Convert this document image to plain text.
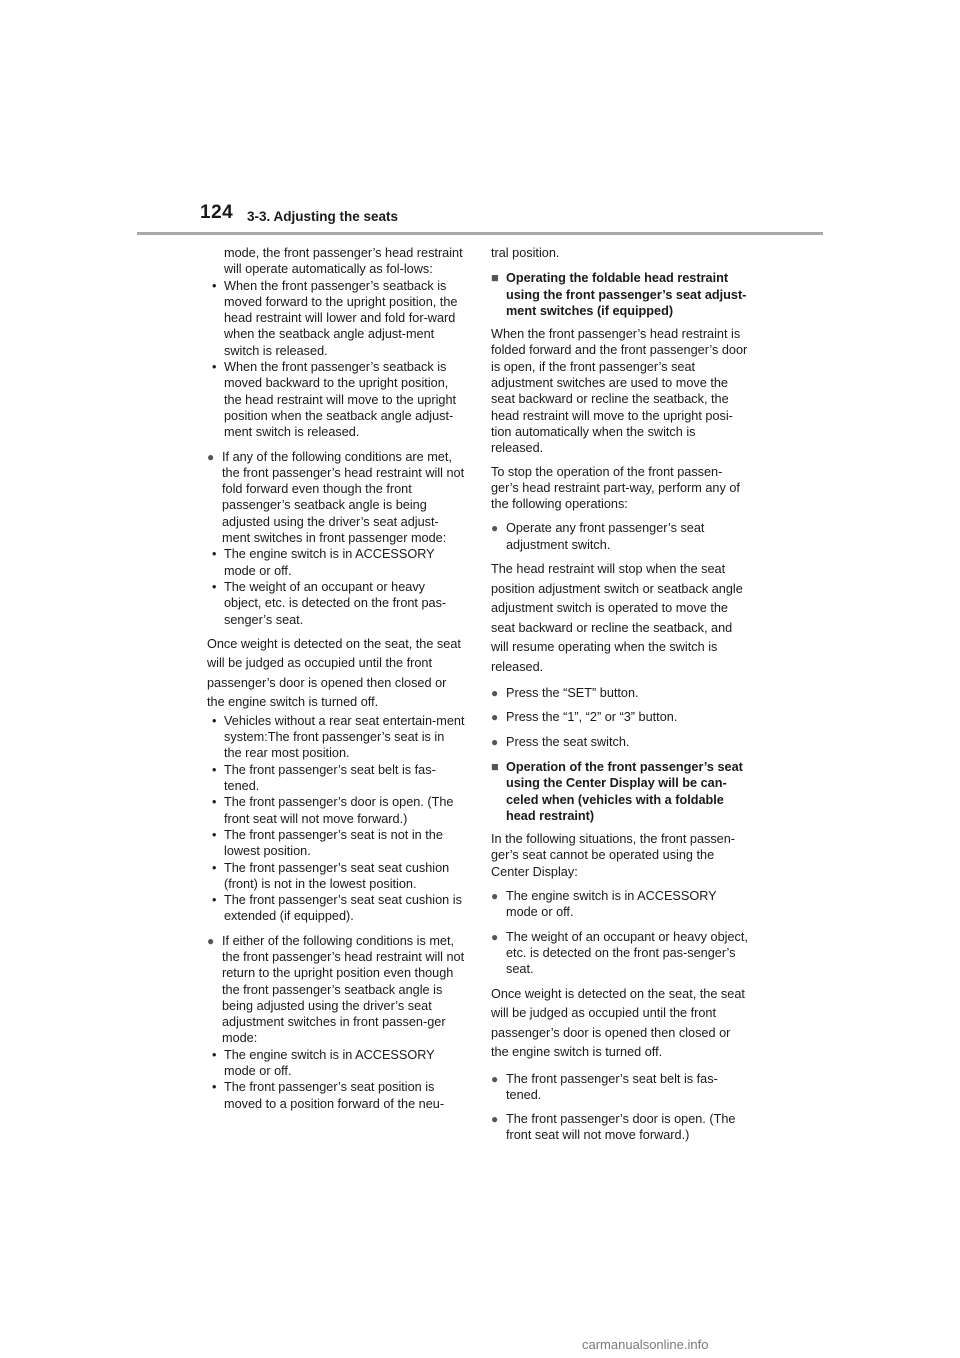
124 3-3. Adjusting the seats
mode, the front passenger’s head restraint will operate automatically as fol-lows:
• When the front passenger’s seatback is moved forward to the upright position, the head restraint will lower and fold for-ward when the seatback angle adjust-ment switch is released.
• When the front passenger’s seatback is moved backward to the upright position, the head restraint will move to the upright position when the seatback angle adjust-ment switch is released.
● If any of the following conditions are met, the front passenger’s head restraint will not fold forward even though the front passenger’s seatback angle is being adjusted using the driver’s seat adjust-ment switches in front passenger mode:
• The engine switch is in ACCESSORY mode or off.
• The weight of an occupant or heavy object, etc. is detected on the front pas-senger’s seat.
Once weight is detected on the seat, the seat will be judged as occupied until the front passenger’s door is opened then closed or the engine switch is turned off.
• Vehicles without a rear seat entertain-ment system:The front passenger’s seat is in the rear most position.
• The front passenger’s seat belt is fas-tened.
• The front passenger’s door is open. (The front seat will not move forward.)
• The front passenger’s seat is not in the lowest position.
• The front passenger’s seat seat cushion (front) is not in the lowest position.
• The front passenger’s seat seat cushion is extended (if equipped).
● If either of the following conditions is met, the front passenger’s head restraint will not return to the upright position even though the front passenger’s seatback angle is being adjusted using the driver’s seat adjustment switches in front passen-ger mode:
• The engine switch is in ACCESSORY mode or off.
• The front passenger’s seat position is moved to a position forward of the neu-
tral position.
■ Operating the foldable head restraint using the front passenger’s seat adjust-ment switches (if equipped)
When the front passenger’s head restraint is folded forward and the front passenger’s door is open, if the front passenger’s seat adjustment switches are used to move the seat backward or recline the seatback, the head restraint will move to the upright posi-tion automatically when the switch is released.
To stop the operation of the front passen-ger’s head restraint part-way, perform any of the following operations:
● Operate any front passenger’s seat adjustment switch.
The head restraint will stop when the seat position adjustment switch or seatback angle adjustment switch is operated to move the seat backward or recline the seatback, and will resume operating when the switch is released.
● Press the “SET” button.
● Press the “1”, “2” or “3” button.
● Press the seat switch.
■ Operation of the front passenger’s seat using the Center Display will be can-celed when (vehicles with a foldable head restraint)
In the following situations, the front passen-ger’s seat cannot be operated using the Center Display:
● The engine switch is in ACCESSORY mode or off.
● The weight of an occupant or heavy object, etc. is detected on the front pas-senger’s seat.
Once weight is detected on the seat, the seat will be judged as occupied until the front passenger’s door is opened then closed or the engine switch is turned off.
● The front passenger’s seat belt is fas-tened.
● The front passenger’s door is open. (The front seat will not move forward.)
carmanualsonline.info
